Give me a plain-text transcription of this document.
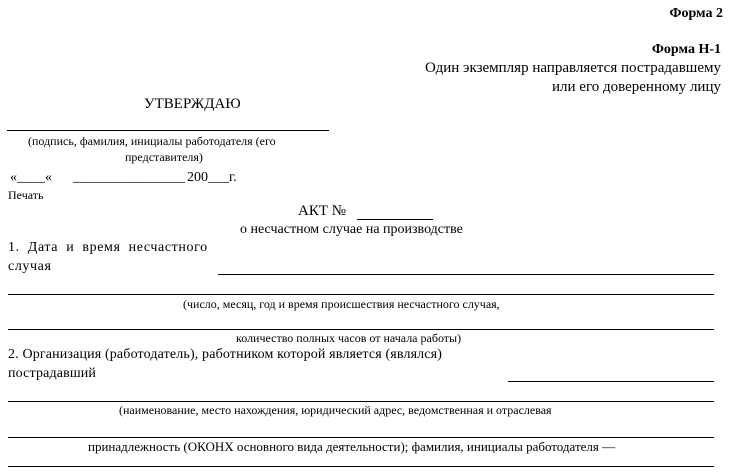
Форма 2
Форма Н-1
Один экземпляр направляется пострадавшему
или его доверенному лицу
УТВЕРЖДАЮ
(подпись, фамилия, инициалы работодателя (его
представителя)
«____« ________________ 200___г.
Печать
АКТ №
о несчастном случае на производстве
1. Дата и время несчастного
случая
(число, месяц, год и время происшествия несчастного случая,
количество полных часов от начала работы)
2. Организация (работодатель), работником которой является (являлся)
пострадавший
(наименование, место нахождения, юридический адрес, ведомственная и отраслевая
принадлежность (ОКОНХ основного вида деятельности); фамилия, инициалы работодателя —
